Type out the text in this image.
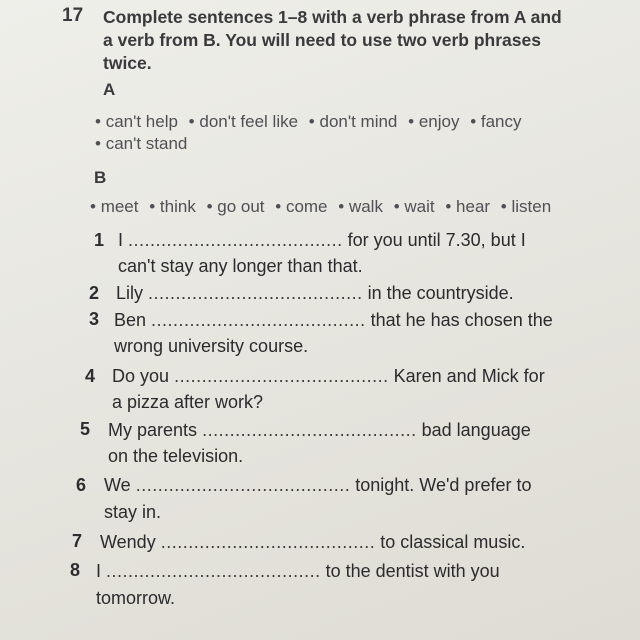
17 Complete sentences 1–8 with a verb phrase from A and
a verb from B. You will need to use two verb phrases
twice.
A
• can't help • don't feel like • don't mind • enjoy • fancy
• can't stand
B
• meet • think • go out • come • walk • wait • hear • listen
1 I ....................................... for you until 7.30, but I
can't stay any longer than that.
2 Lily ....................................... in the countryside.
3 Ben ....................................... that he has chosen the
wrong university course.
4 Do you ....................................... Karen and Mick for
a pizza after work?
5 My parents ....................................... bad language
on the television.
6 We ....................................... tonight. We'd prefer to
stay in.
7 Wendy ....................................... to classical music.
8 I ....................................... to the dentist with you
tomorrow.
